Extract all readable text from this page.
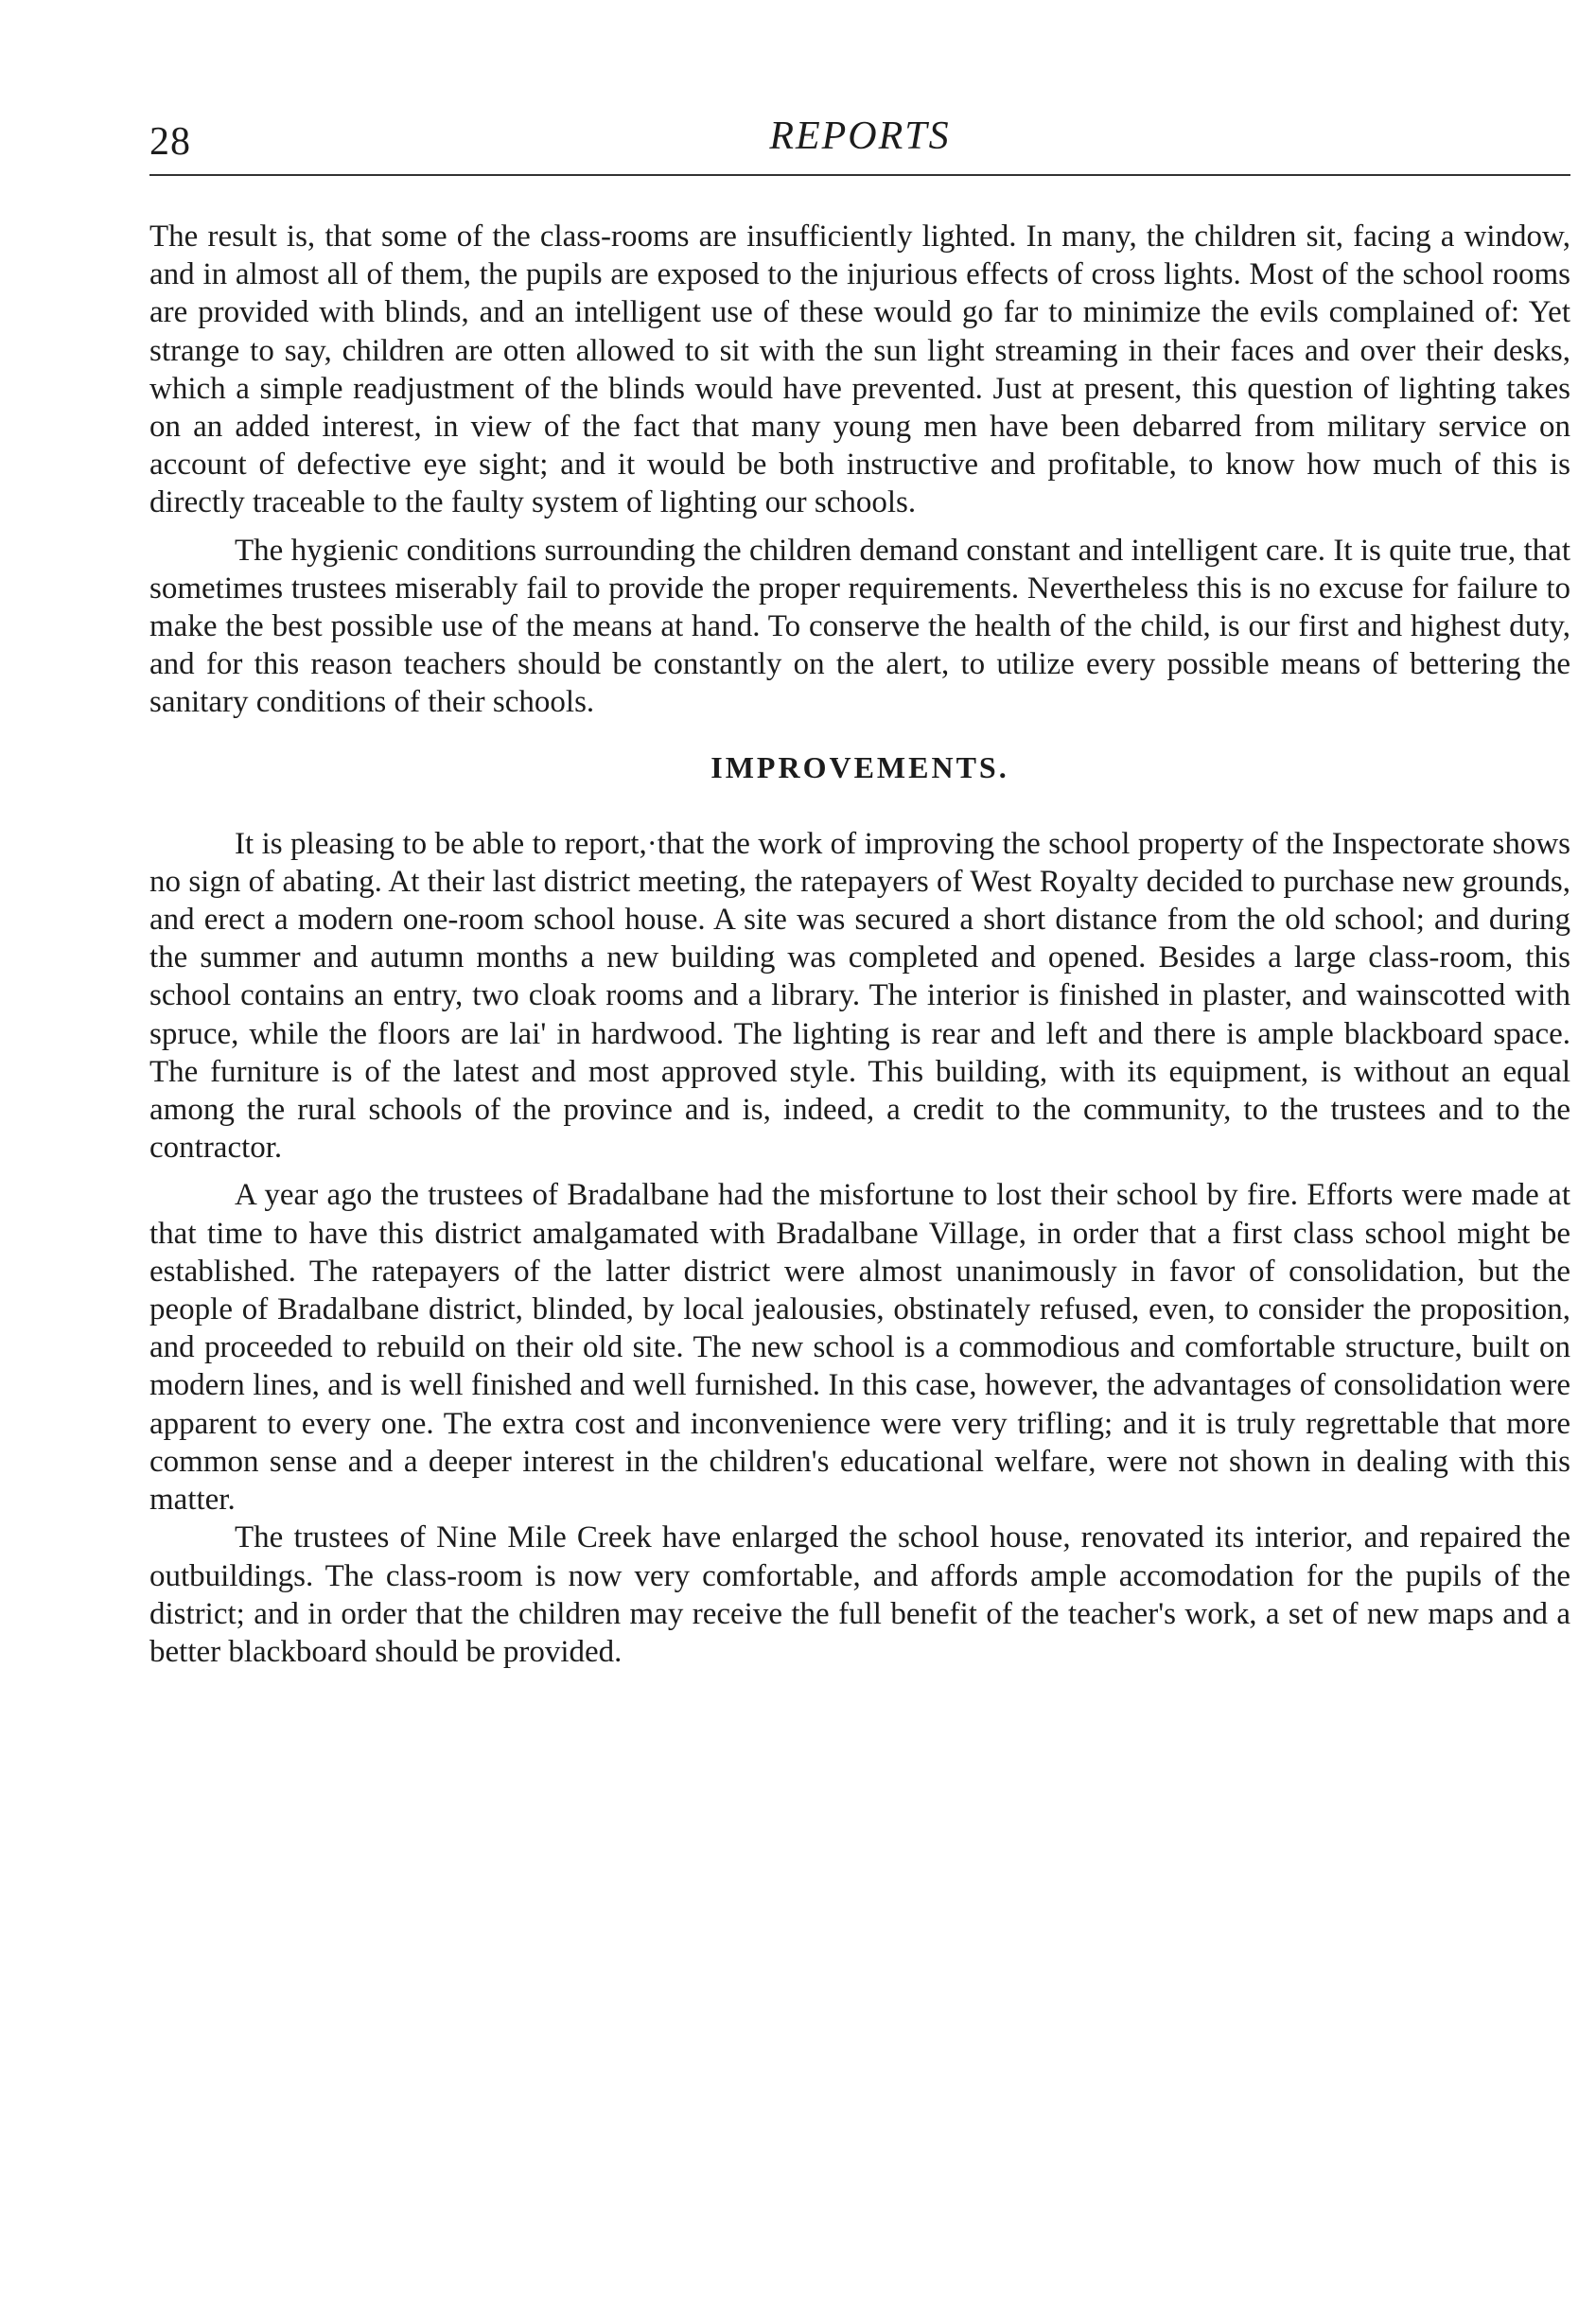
28	REPORTS

The result is, that some of the class-rooms are insufficiently lighted. In many, the children sit, facing a window, and in almost all of them, the pupils are exposed to the injurious effects of cross lights. Most of the school rooms are provided with blinds, and an intelligent use of these would go far to minimize the evils complained of: Yet strange to say, children are otten allowed to sit with the sun light streaming in their faces and over their desks, which a simple readjustment of the blinds would have prevented. Just at present, this question of lighting takes on an added interest, in view of the fact that many young men have been debarred from military service on account of defective eye sight; and it would be both instructive and profitable, to know how much of this is directly traceable to the faulty system of lighting our schools.

The hygienic conditions surrounding the children demand constant and intelligent care. It is quite true, that sometimes trustees miserably fail to provide the proper requirements. Nevertheless this is no excuse for failure to make the best possible use of the means at hand. To conserve the health of the child, is our first and highest duty, and for this reason teachers should be constantly on the alert, to utilize every possible means of bettering the sanitary conditions of their schools.

IMPROVEMENTS.

It is pleasing to be able to report,·that the work of improving the school property of the Inspectorate shows no sign of abating. At their last district meeting, the ratepayers of West Royalty decided to purchase new grounds, and erect a modern one-room school house. A site was secured a short distance from the old school; and during the summer and autumn months a new building was completed and opened. Besides a large class-room, this school contains an entry, two cloak rooms and a library. The interior is finished in plaster, and wainscotted with spruce, while the floors are lai' in hardwood. The lighting is rear and left and there is ample blackboard space. The furniture is of the latest and most approved style. This building, with its equipment, is without an equal among the rural schools of the province and is, indeed, a credit to the community, to the trustees and to the contractor.

A year ago the trustees of Bradalbane had the misfortune to lost their school by fire. Efforts were made at that time to have this district amalgamated with Bradalbane Village, in order that a first class school might be established. The ratepayers of the latter district were almost unanimously in favor of consolidation, but the people of Bradalbane district, blinded, by local jealousies, obstinately refused, even, to consider the proposition, and proceeded to rebuild on their old site. The new school is a commodious and comfortable structure, built on modern lines, and is well finished and well furnished. In this case, however, the advantages of consolidation were apparent to every one. The extra cost and inconvenience were very trifling; and it is truly regrettable that more common sense and a deeper interest in the children's educational welfare, were not shown in dealing with this matter.

The trustees of Nine Mile Creek have enlarged the school house, renovated its interior, and repaired the outbuildings. The class-room is now very comfortable, and affords ample accomodation for the pupils of the district; and in order that the children may receive the full benefit of the teacher's work, a set of new maps and a better blackboard should be provided.
